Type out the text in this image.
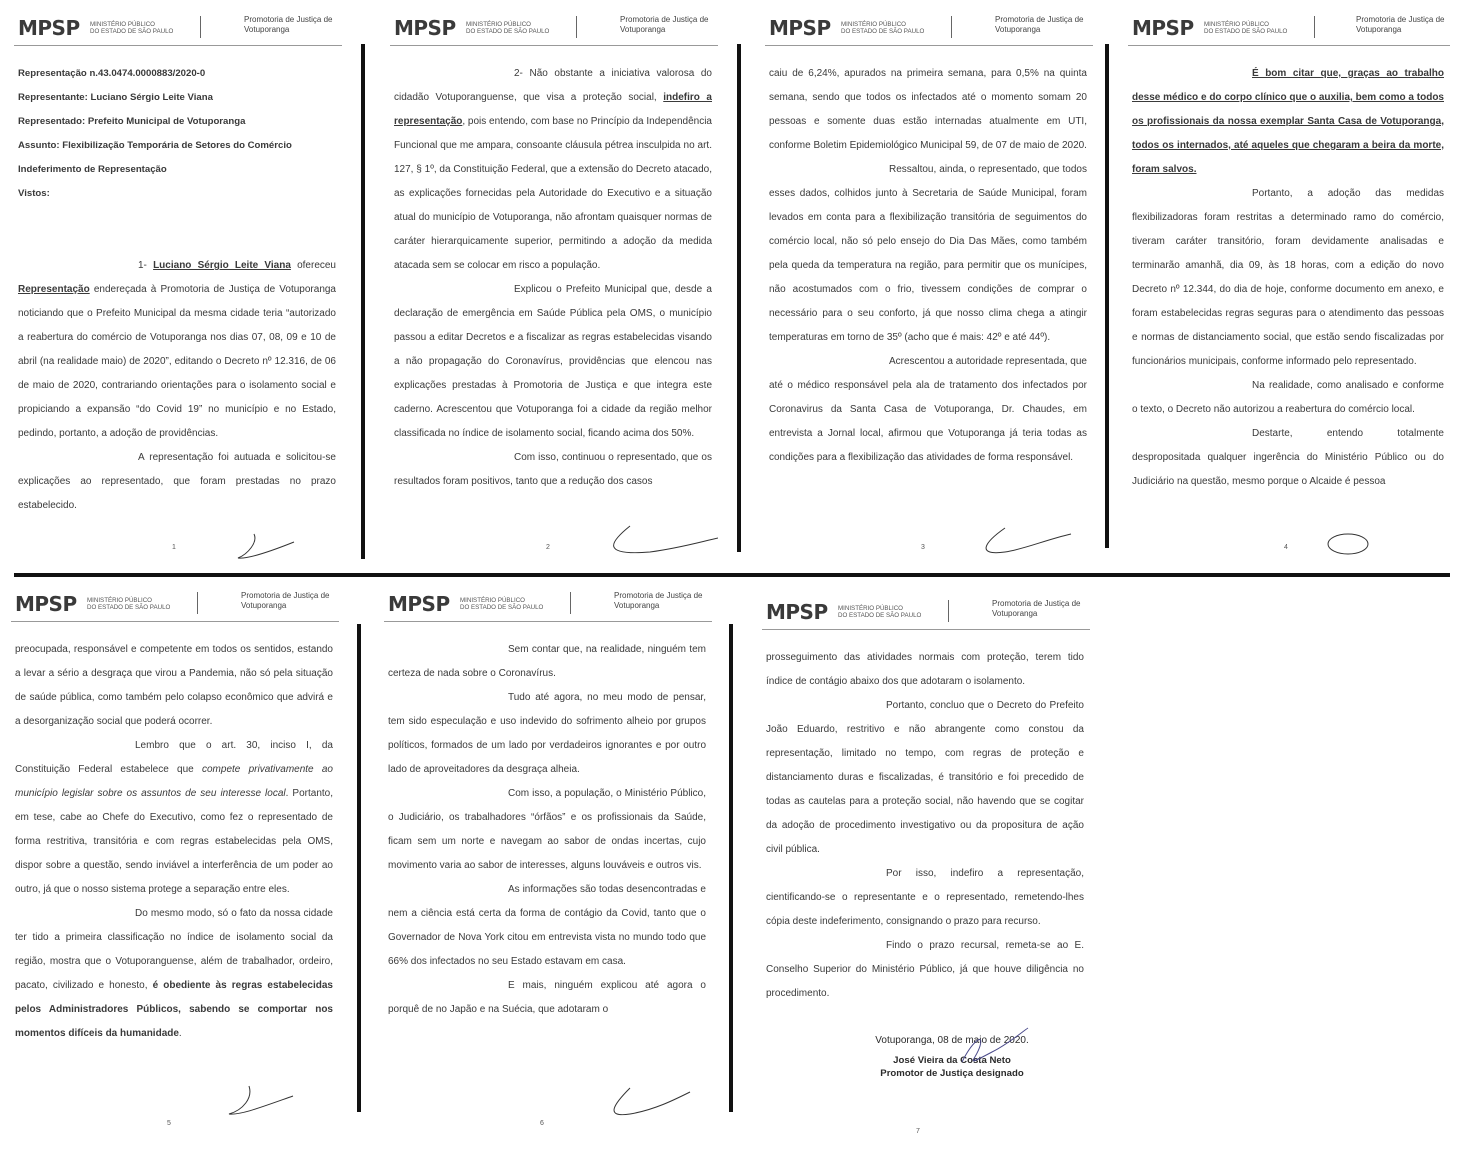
MPSP MINISTÉRIO PÚBLICO
DO ESTADO DE SÃO PAULO
Promotoria de Justiça de
Votuporanga

Representação n.43.0474.0000883/2020-0

Representante: Luciano Sérgio Leite Viana

Representado: Prefeito Municipal de Votuporanga

Assunto: Flexibilização Temporária de Setores do Comércio

Indeferimento de Representação

Vistos:

1- Luciano Sérgio Leite Viana ofereceu Representação endereçada à Promotoria de Justiça de Votuporanga noticiando que o Prefeito Municipal da mesma cidade teria “autorizado a reabertura do comércio de Votuporanga nos dias 07, 08, 09 e 10 de abril (na realidade maio) de 2020”, editando o Decreto nº 12.316, de 06 de maio de 2020, contrariando orientações para o isolamento social e propiciando a expansão “do Covid 19” no município e no Estado, pedindo, portanto, a adoção de providências.

A representação foi autuada e solicitou-se explicações ao representado, que foram prestadas no prazo estabelecido.

1
MPSP MINISTÉRIO PÚBLICO
DO ESTADO DE SÃO PAULO
Promotoria de Justiça de
Votuporanga

2- Não obstante a iniciativa valorosa do cidadão Votuporanguense, que visa a proteção social, indefiro a representação, pois entendo, com base no Princípio da Independência Funcional que me ampara, consoante cláusula pétrea insculpida no art. 127, § 1º, da Constituição Federal, que a extensão do Decreto atacado, as explicações fornecidas pela Autoridade do Executivo e a situação atual do município de Votuporanga, não afrontam quaisquer normas de caráter hierarquicamente superior, permitindo a adoção da medida atacada sem se colocar em risco a população.

Explicou o Prefeito Municipal que, desde a declaração de emergência em Saúde Pública pela OMS, o município passou a editar Decretos e a fiscalizar as regras estabelecidas visando a não propagação do Coronavírus, providências que elencou nas explicações prestadas à Promotoria de Justiça e que integra este caderno. Acrescentou que Votuporanga foi a cidade da região melhor classificada no índice de isolamento social, ficando acima dos 50%.

Com isso, continuou o representado, que os resultados foram positivos, tanto que a redução dos casos

2
MPSP MINISTÉRIO PÚBLICO
DO ESTADO DE SÃO PAULO
Promotoria de Justiça de
Votuporanga

caiu de 6,24%, apurados na primeira semana, para 0,5% na quinta semana, sendo que todos os infectados até o momento somam 20 pessoas e somente duas estão internadas atualmente em UTI, conforme Boletim Epidemiológico Municipal 59, de 07 de maio de 2020.

Ressaltou, ainda, o representado, que todos esses dados, colhidos junto à Secretaria de Saúde Municipal, foram levados em conta para a flexibilização transitória de seguimentos do comércio local, não só pelo ensejo do Dia Das Mães, como também pela queda da temperatura na região, para permitir que os munícipes, não acostumados com o frio, tivessem condições de comprar o necessário para o seu conforto, já que nosso clima chega a atingir temperaturas em torno de 35º (acho que é mais: 42º e até 44º).

Acrescentou a autoridade representada, que até o médico responsável pela ala de tratamento dos infectados por Coronavirus da Santa Casa de Votuporanga, Dr. Chaudes, em entrevista a Jornal local, afirmou que Votuporanga já teria todas as condições para a flexibilização das atividades de forma responsável.

3
MPSP MINISTÉRIO PÚBLICO
DO ESTADO DE SÃO PAULO
Promotoria de Justiça de
Votuporanga

É bom citar que, graças ao trabalho desse médico e do corpo clínico que o auxilia, bem como a todos os profissionais da nossa exemplar Santa Casa de Votuporanga, todos os internados, até aqueles que chegaram a beira da morte, foram salvos.

Portanto, a adoção das medidas flexibilizadoras foram restritas a determinado ramo do comércio, tiveram caráter transitório, foram devidamente analisadas e terminarão amanhã, dia 09, às 18 horas, com a edição do novo Decreto nº 12.344, do dia de hoje, conforme documento em anexo, e foram estabelecidas regras seguras para o atendimento das pessoas e normas de distanciamento social, que estão sendo fiscalizadas por funcionários municipais, conforme informado pelo representado.

Na realidade, como analisado e conforme o texto, o Decreto não autorizou a reabertura do comércio local.

Destarte, entendo totalmente despropositada qualquer ingerência do Ministério Público ou do Judiciário na questão, mesmo porque o Alcaide é pessoa

4
MPSP MINISTÉRIO PÚBLICO
DO ESTADO DE SÃO PAULO
Promotoria de Justiça de
Votuporanga

preocupada, responsável e competente em todos os sentidos, estando a levar a sério a desgraça que virou a Pandemia, não só pela situação de saúde pública, como também pelo colapso econômico que advirá e a desorganização social que poderá ocorrer.

Lembro que o art. 30, inciso I, da Constituição Federal estabelece que compete privativamente ao município legislar sobre os assuntos de seu interesse local. Portanto, em tese, cabe ao Chefe do Executivo, como fez o representado de forma restritiva, transitória e com regras estabelecidas pela OMS, dispor sobre a questão, sendo inviável a interferência de um poder ao outro, já que o nosso sistema protege a separação entre eles.

Do mesmo modo, só o fato da nossa cidade ter tido a primeira classificação no índice de isolamento social da região, mostra que o Votuporanguense, além de trabalhador, ordeiro, pacato, civilizado e honesto, é obediente às regras estabelecidas pelos Administradores Públicos, sabendo se comportar nos momentos difíceis da humanidade.

5
MPSP MINISTÉRIO PÚBLICO
DO ESTADO DE SÃO PAULO
Promotoria de Justiça de
Votuporanga

Sem contar que, na realidade, ninguém tem certeza de nada sobre o Coronavírus.

Tudo até agora, no meu modo de pensar, tem sido especulação e uso indevido do sofrimento alheio por grupos políticos, formados de um lado por verdadeiros ignorantes e por outro lado de aproveitadores da desgraça alheia.

Com isso, a população, o Ministério Público, o Judiciário, os trabalhadores “órfãos” e os profissionais da Saúde, ficam sem um norte e navegam ao sabor de ondas incertas, cujo movimento varia ao sabor de interesses, alguns louváveis e outros vis.

As informações são todas desencontradas e nem a ciência está certa da forma de contágio da Covid, tanto que o Governador de Nova York citou em entrevista vista no mundo todo que 66% dos infectados no seu Estado estavam em casa.

E mais, ninguém explicou até agora o porquê de no Japão e na Suécia, que adotaram o

6
MPSP MINISTÉRIO PÚBLICO
DO ESTADO DE SÃO PAULO
Promotoria de Justiça de
Votuporanga

prosseguimento das atividades normais com proteção, terem tido índice de contágio abaixo dos que adotaram o isolamento.

Portanto, concluo que o Decreto do Prefeito João Eduardo, restritivo e não abrangente como constou da representação, limitado no tempo, com regras de proteção e distanciamento duras e fiscalizadas, é transitório e foi precedido de todas as cautelas para a proteção social, não havendo que se cogitar da adoção de procedimento investigativo ou da propositura de ação civil pública.

Por isso, indefiro a representação, cientificando-se o representante e o representado, remetendo-lhes cópia deste indeferimento, consignando o prazo para recurso.

Findo o prazo recursal, remeta-se ao E. Conselho Superior do Ministério Público, já que houve diligência no procedimento.

Votuporanga, 08 de maio de 2020.
José Vieira da Costa Neto
Promotor de Justiça designado
7
